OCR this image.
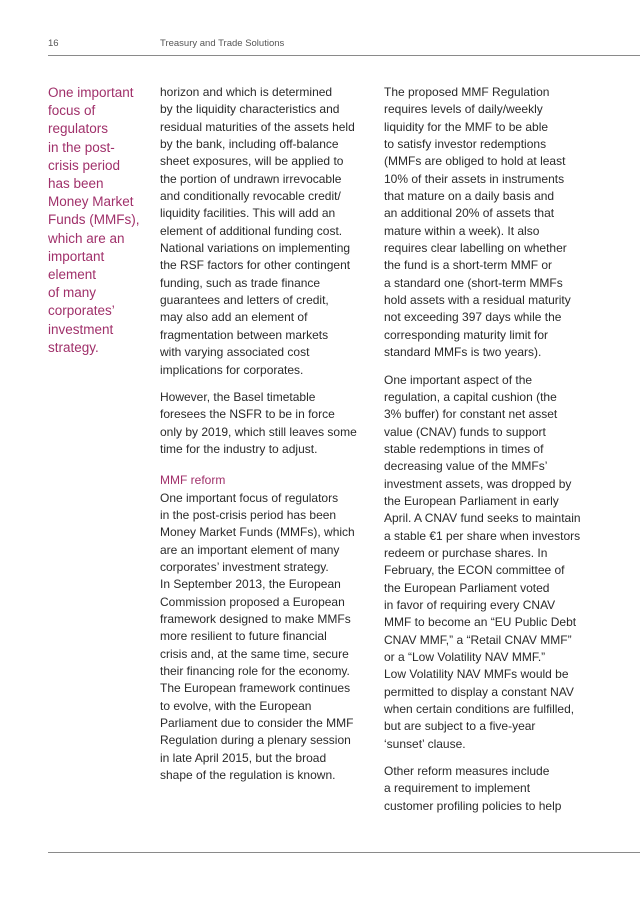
16	Treasury and Trade Solutions
One important
focus of
regulators
in the post-
crisis period
has been
Money Market
Funds (MMFs),
which are an
important
element
of many
corporates’
investment
strategy.
horizon and which is determined
by the liquidity characteristics and
residual maturities of the assets held
by the bank, including off-balance
sheet exposures, will be applied to
the portion of undrawn irrevocable
and conditionally revocable credit/
liquidity facilities. This will add an
element of additional funding cost.
National variations on implementing
the RSF factors for other contingent
funding, such as trade finance
guarantees and letters of credit,
may also add an element of
fragmentation between markets
with varying associated cost
implications for corporates.
However, the Basel timetable
foresees the NSFR to be in force
only by 2019, which still leaves some
time for the industry to adjust.
MMF reform
One important focus of regulators
in the post-crisis period has been
Money Market Funds (MMFs), which
are an important element of many
corporates’ investment strategy.
In September 2013, the European
Commission proposed a European
framework designed to make MMFs
more resilient to future financial
crisis and, at the same time, secure
their financing role for the economy.
The European framework continues
to evolve, with the European
Parliament due to consider the MMF
Regulation during a plenary session
in late April 2015, but the broad
shape of the regulation is known.
The proposed MMF Regulation
requires levels of daily/weekly
liquidity for the MMF to be able
to satisfy investor redemptions
(MMFs are obliged to hold at least
10% of their assets in instruments
that mature on a daily basis and
an additional 20% of assets that
mature within a week). It also
requires clear labelling on whether
the fund is a short-term MMF or
a standard one (short-term MMFs
hold assets with a residual maturity
not exceeding 397 days while the
corresponding maturity limit for
standard MMFs is two years).
One important aspect of the
regulation, a capital cushion (the
3% buffer) for constant net asset
value (CNAV) funds to support
stable redemptions in times of
decreasing value of the MMFs’
investment assets, was dropped by
the European Parliament in early
April. A CNAV fund seeks to maintain
a stable €1 per share when investors
redeem or purchase shares. In
February, the ECON committee of
the European Parliament voted
in favor of requiring every CNAV
MMF to become an “EU Public Debt
CNAV MMF,” a “Retail CNAV MMF”
or a “Low Volatility NAV MMF.”
Low Volatility NAV MMFs would be
permitted to display a constant NAV
when certain conditions are fulfilled,
but are subject to a five-year
‘sunset’ clause.
Other reform measures include
a requirement to implement
customer profiling policies to help
